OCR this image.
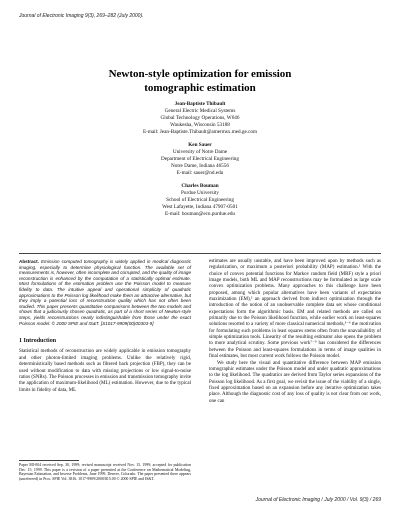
Journal of Electronic Imaging 9(3), 269–282 (July 2000).
Newton-style optimization for emission
tomographic estimation
Jean-Baptiste Thibault
General Electric Medical Systems
Global Technology Operations, W646
Waukesha, Wisconsin 53188
E-mail: Jean-Baptiste.Thibault@amermsx.med.ge.com
Ken Sauer
University of Notre Dame
Department of Electrical Engineering
Notre Dame, Indiana 46556
E-mail: sauer@nd.edu
Charles Bouman
Purdue University
School of Electrical Engineering
West Lafayette, Indiana 47907-0501
E-mail: bouman@ecn.purdue.edu

Abstract. Emission computed tomography is widely applied in medical diagnostic imaging, especially to determine physiological function. The available set of measurements is, however, often incomplete and corrupted, and the quality of image reconstruction is enhanced by the computation of a statistically optimal estimate. Most formulations of the estimation problem use the Poisson model to measure fidelity to data. The intuitive appeal and operational simplicity of quadratic approximations to the Poisson log likelihood make them an attractive alternative, but they imply a potential loss of reconstruction quality which has not often been studied. This paper presents quantitative comparisons between the two models and shows that a judiciously chosen quadratic, as part of a short series of Newton-style steps, yields reconstructions nearly indistinguishable from those under the exact Poisson model. © 2000 SPIE and IS&T. [S1017-9909(00)00303-9]

1 Introduction

Statistical methods of reconstruction are widely applicable in emission tomography and other photon-limited imaging problems. Unlike the relatively rigid, deterministically based methods such as filtered back projection (FBP), they can be used without modification to data with missing projections or low signal-to-noise ratios (SNRs). The Poisson processes in emission and transmission tomography invite the application of maximum-likelihood (ML) estimation. However, due to the typical limits in fidelity of data, ML

estimates are usually unstable, and have been improved upon by methods such as regularization, or maximum a posteriori probability (MAP) estimation.¹ With the choice of convex potential functions for Markov random field (MRF) style a priori image models, both ML and MAP reconstructions may be formulated as large scale convex optimization problems. Many approaches to this challenge have been proposed, among which popular alternatives have been variants of expectation maximization (EM),² an approach derived from indirect optimization through the introduction of the notion of an unobservable complete data set whose conditional expectations form the algorithmic basis. EM and related methods are called on primarily due to the Poisson likelihood function, while earlier work on least-squares solutions resorted to a variety of more classical numerical methods,³⁻⁶ the motivation for formulating such problems in least squares stems often from the unavailability of simple optimization tools. Linearity of the resulting estimator also opens the problem to more analytical scrutiny. Some previous work⁷⁻⁹ has considered the differences between the Poisson and least-squares formulations in terms of image qualities in final estimates, but most current work follows the Poisson model.

We study here the visual and quantitative difference between MAP emission tomographic estimates under the Poisson model and under quadratic approximations to the log likelihood. The quadratics are derived from Taylor series expansions of the Poisson log likelihood. As a first goal, we revisit the issue of the viability of a single, fixed approximation based on an expansion before any iterative optimization takes place. Although the diagnostic cost of any loss of quality is not clear from our work, one can

Paper MI-004 received Sep. 30, 1999; revised manuscript received Nov. 15, 1999; accepted for publication Dec. 15, 1999. This paper is a revision of a paper presented at the Conference on Mathematical Modeling, Bayesian Estimation, and Inverse Problems, June 1999, Denver, Colorado. The paper presented there appears (unrefereed) in Proc. SPIE Vol. 3816. 1017-9909/2000/$15.00 © 2000 SPIE and IS&T.
Journal of Electronic Imaging / July 2000 / Vol. 9(3) / 269
